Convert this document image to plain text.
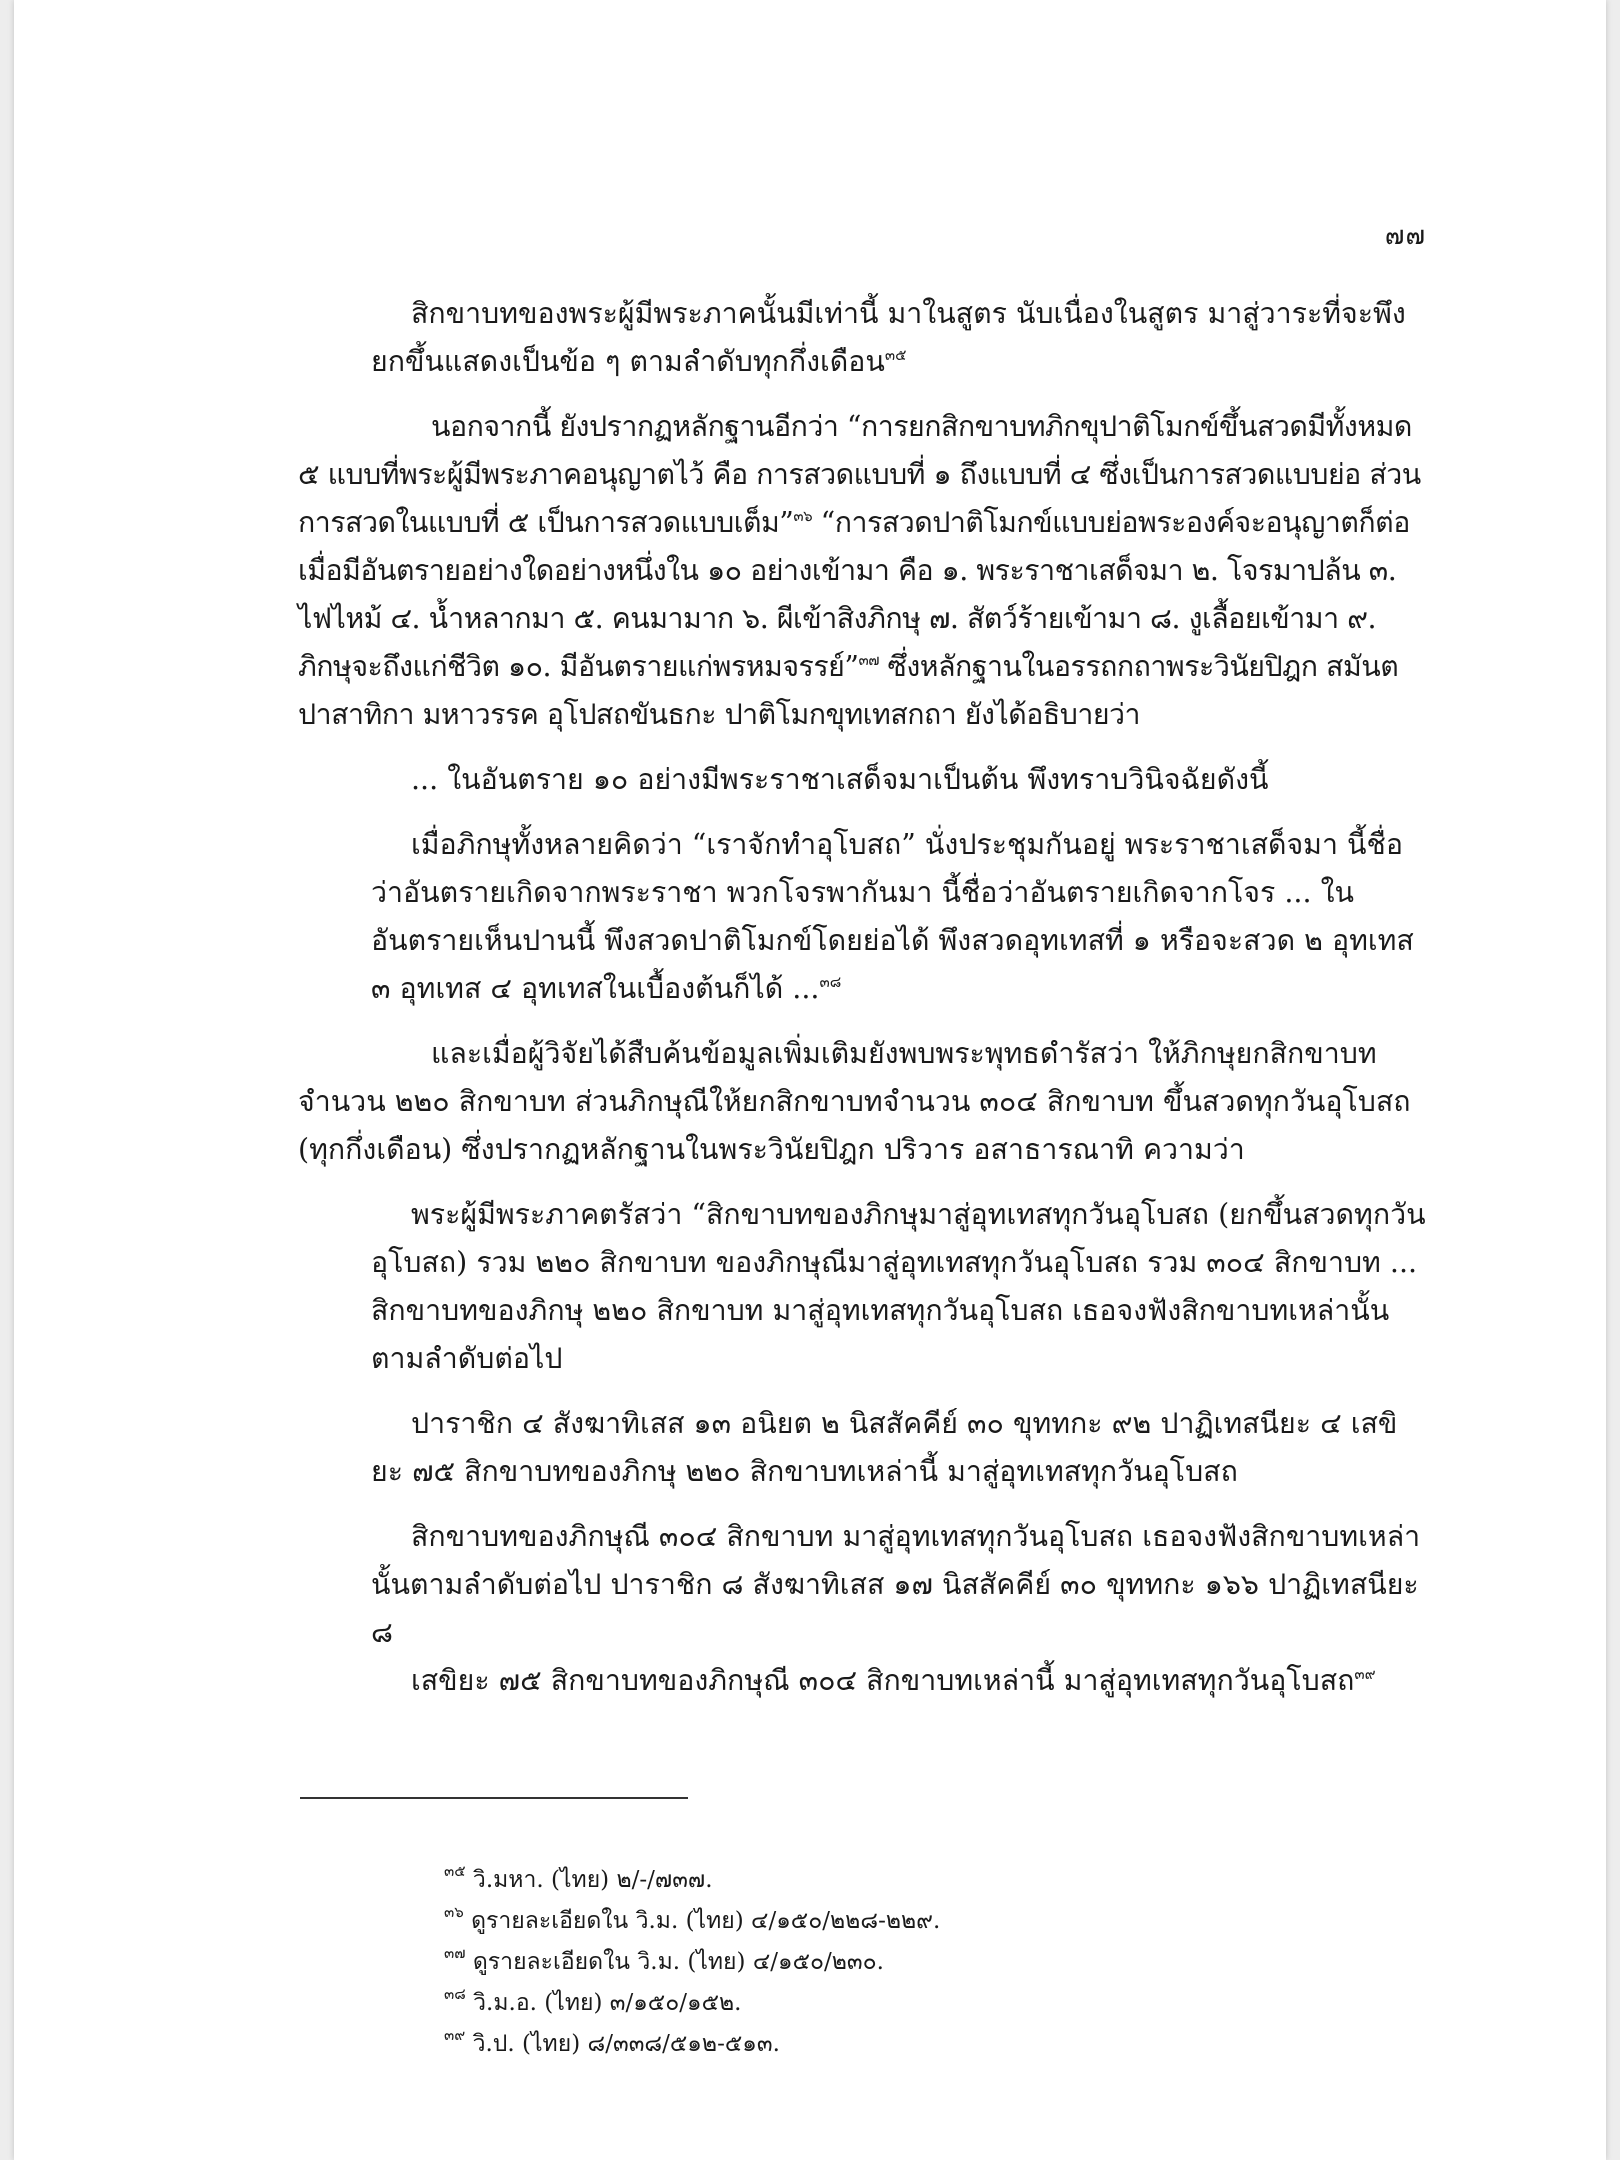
๗๗

สิกขาบทของพระผู้มีพระภาคนั้นมีเท่านี้ มาในสูตร นับเนื่องในสูตร มาสู่วาระที่จะพึงยกขึ้นแสดงเป็นข้อ ๆ ตามลำดับทุกกึ่งเดือน$^{๓๕}$

นอกจากนี้ ยังปรากฏหลักฐานอีกว่า “การยกสิกขาบทภิกขุปาติโมกข์ขึ้นสวดมีทั้งหมด ๕ แบบที่พระผู้มีพระภาคอนุญาตไว้ คือ การสวดแบบที่ ๑ ถึงแบบที่ ๔ ซึ่งเป็นการสวดแบบย่อ ส่วนการสวดในแบบที่ ๕ เป็นการสวดแบบเต็ม”$^{๓๖}$ “การสวดปาติโมกข์แบบย่อพระองค์จะอนุญาตก็ต่อเมื่อมีอันตรายอย่างใดอย่างหนึ่งใน ๑๐ อย่างเข้ามา คือ ๑. พระราชาเสด็จมา ๒. โจรมาปล้น ๓. ไฟไหม้ ๔. น้ำหลากมา ๕. คนมามาก ๖. ผีเข้าสิงภิกษุ ๗. สัตว์ร้ายเข้ามา ๘. งูเลื้อยเข้ามา ๙. ภิกษุจะถึงแก่ชีวิต ๑๐. มีอันตรายแก่พรหมจรรย์”$^{๓๗}$ ซึ่งหลักฐานในอรรถกถาพระวินัยปิฎก สมันตปาสาทิกา มหาวรรค อุโปสถขันธกะ ปาติโมกขุทเทสกถา ยังได้อธิบายว่า

... ในอันตราย ๑๐ อย่างมีพระราชาเสด็จมาเป็นต้น พึงทราบวินิจฉัยดังนี้

เมื่อภิกษุทั้งหลายคิดว่า “เราจักทำอุโบสถ” นั่งประชุมกันอยู่ พระราชาเสด็จมา นี้ชื่อว่าอันตรายเกิดจากพระราชา พวกโจรพากันมา นี้ชื่อว่าอันตรายเกิดจากโจร ... ในอันตรายเห็นปานนี้ พึงสวดปาติโมกข์โดยย่อได้ พึงสวดอุทเทสที่ ๑ หรือจะสวด ๒ อุทเทส ๓ อุทเทส ๔ อุทเทสในเบื้องต้นก็ได้ ...$^{๓๘}$

และเมื่อผู้วิจัยได้สืบค้นข้อมูลเพิ่มเติมยังพบพระพุทธดำรัสว่า ให้ภิกษุยกสิกขาบทจำนวน ๒๒๐ สิกขาบท ส่วนภิกษุณีให้ยกสิกขาบทจำนวน ๓๐๔ สิกขาบท ขึ้นสวดทุกวันอุโบสถ (ทุกกึ่งเดือน) ซึ่งปรากฏหลักฐานในพระวินัยปิฎก ปริวาร อสาธารณาทิ ความว่า

พระผู้มีพระภาคตรัสว่า “สิกขาบทของภิกษุมาสู่อุทเทสทุกวันอุโบสถ (ยกขึ้นสวดทุกวันอุโบสถ) รวม ๒๒๐ สิกขาบท ของภิกษุณีมาสู่อุทเทสทุกวันอุโบสถ รวม ๓๐๔ สิกขาบท ... สิกขาบทของภิกษุ ๒๒๐ สิกขาบท มาสู่อุทเทสทุกวันอุโบสถ เธอจงฟังสิกขาบทเหล่านั้นตามลำดับต่อไป

ปาราชิก ๔ สังฆาทิเสส ๑๓ อนิยต ๒ นิสสัคคีย์ ๓๐ ขุททกะ ๙๒ ปาฏิเทสนียะ ๔ เสขิยะ ๗๕ สิกขาบทของภิกษุ ๒๒๐ สิกขาบทเหล่านี้ มาสู่อุทเทสทุกวันอุโบสถ

สิกขาบทของภิกษุณี ๓๐๔ สิกขาบท มาสู่อุทเทสทุกวันอุโบสถ เธอจงฟังสิกขาบทเหล่านั้นตามลำดับต่อไป ปาราชิก ๘ สังฆาทิเสส ๑๗ นิสสัคคีย์ ๓๐ ขุททกะ ๑๖๖ ปาฏิเทสนียะ ๘

เสขิยะ ๗๕ สิกขาบทของภิกษุณี ๓๐๔ สิกขาบทเหล่านี้ มาสู่อุทเทสทุกวันอุโบสถ$^{๓๙}$

$^{๓๕}$ วิ.มหา. (ไทย) ๒/-/๗๓๗.
$^{๓๖}$ ดูรายละเอียดใน วิ.ม. (ไทย) ๔/๑๕๐/๒๒๘-๒๒๙.
$^{๓๗}$ ดูรายละเอียดใน วิ.ม. (ไทย) ๔/๑๕๐/๒๓๐.
$^{๓๘}$ วิ.ม.อ. (ไทย) ๓/๑๕๐/๑๕๒.
$^{๓๙}$ วิ.ป. (ไทย) ๘/๓๓๘/๕๑๒-๕๑๓.
